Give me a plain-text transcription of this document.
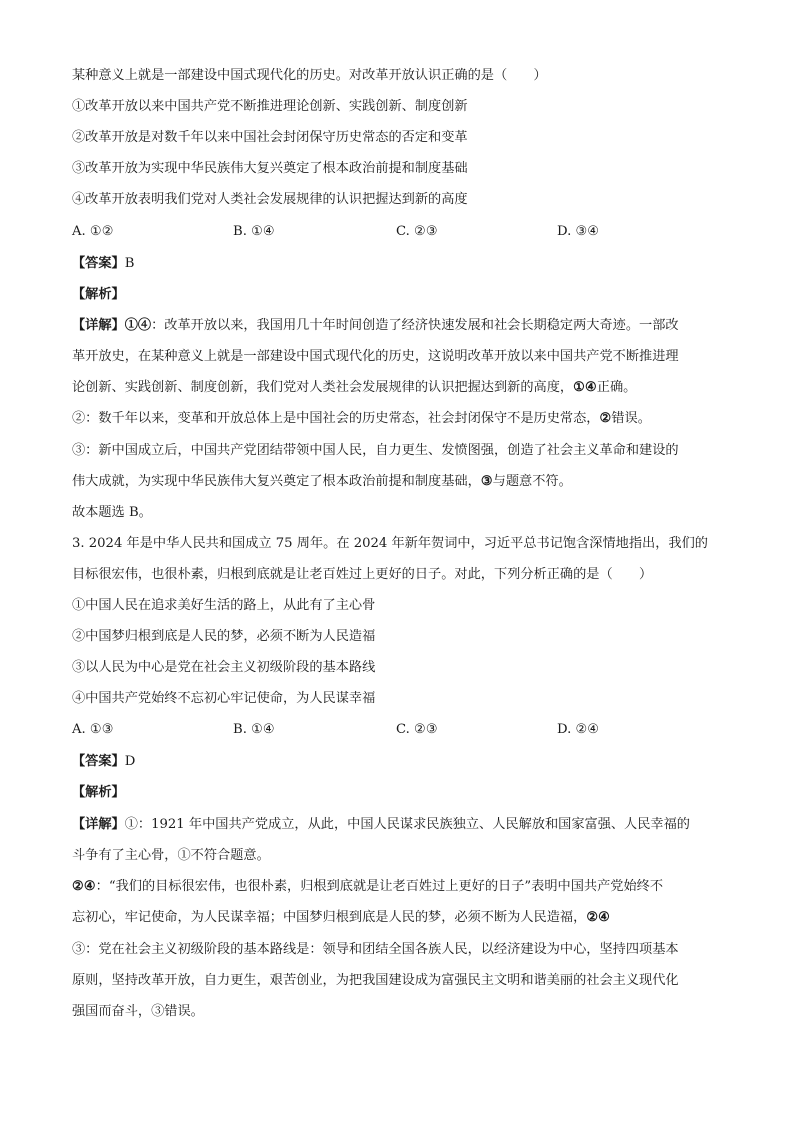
某种意义上就是一部建设中国式现代化的历史。对改革开放认识正确的是（　　）
①改革开放以来中国共产党不断推进理论创新、实践创新、制度创新
②改革开放是对数千年以来中国社会封闭保守历史常态的否定和变革
③改革开放为实现中华民族伟大复兴奠定了根本政治前提和制度基础
④改革开放表明我们党对人类社会发展规律的认识把握达到新的高度
A. ①②	B. ①④	C. ②③	D. ③④
【答案】B
【解析】
【详解】①④：改革开放以来，我国用几十年时间创造了经济快速发展和社会长期稳定两大奇迹。一部改
革开放史，在某种意义上就是一部建设中国式现代化的历史，这说明改革开放以来中国共产党不断推进理
论创新、实践创新、制度创新，我们党对人类社会发展规律的认识把握达到新的高度，①④正确。
②：数千年以来，变革和开放总体上是中国社会的历史常态，社会封闭保守不是历史常态，②错误。
③：新中国成立后，中国共产党团结带领中国人民，自力更生、发愤图强，创造了社会主义革命和建设的
伟大成就，为实现中华民族伟大复兴奠定了根本政治前提和制度基础，③与题意不符。
故本题选 B。
3. 2024 年是中华人民共和国成立 75 周年。在 2024 年新年贺词中，习近平总书记饱含深情地指出，我们的
目标很宏伟，也很朴素，归根到底就是让老百姓过上更好的日子。对此，下列分析正确的是（　　）
①中国人民在追求美好生活的路上，从此有了主心骨
②中国梦归根到底是人民的梦，必须不断为人民造福
③以人民为中心是党在社会主义初级阶段的基本路线
④中国共产党始终不忘初心牢记使命，为人民谋幸福
A. ①③	B. ①④	C. ②③	D. ②④
【答案】D
【解析】
【详解】①：1921 年中国共产党成立，从此，中国人民谋求民族独立、人民解放和国家富强、人民幸福的
斗争有了主心骨，①不符合题意。
②④：“我们的目标很宏伟，也很朴素，归根到底就是让老百姓过上更好的日子”表明中国共产党始终不
忘初心，牢记使命，为人民谋幸福；中国梦归根到底是人民的梦，必须不断为人民造福，②④
③：党在社会主义初级阶段的基本路线是：领导和团结全国各族人民，以经济建设为中心，坚持四项基本
原则，坚持改革开放，自力更生，艰苦创业，为把我国建设成为富强民主文明和谐美丽的社会主义现代化
强国而奋斗，③错误。
